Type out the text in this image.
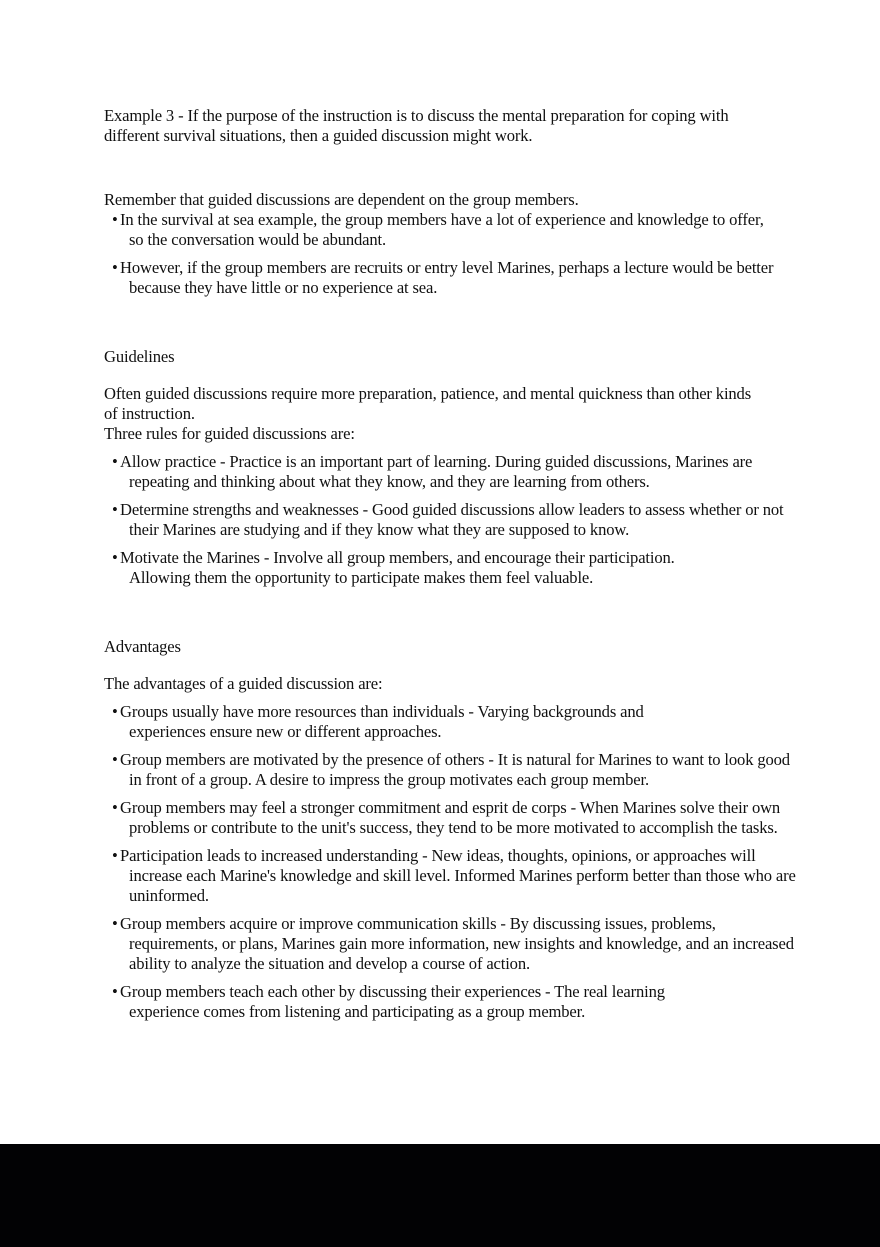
Example 3 - If the purpose of the instruction is to discuss the mental preparation for coping with different survival situations, then a guided discussion might work.

Remember that guided discussions are dependent on the group members.

• In the survival at sea example, the group members have a lot of experience and knowledge to offer, so the conversation would be abundant.
• However, if the group members are recruits or entry level Marines, perhaps a lecture would be better because they have little or no experience at sea.
Guidelines

Often guided discussions require more preparation, patience, and mental quickness than other kinds of instruction.

Three rules for guided discussions are:

• Allow practice - Practice is an important part of learning. During guided discussions, Marines are repeating and thinking about what they know, and they are learning from others.
• Determine strengths and weaknesses - Good guided discussions allow leaders to assess whether or not their Marines are studying and if they know what they are supposed to know.
• Motivate the Marines - Involve all group members, and encourage their participation. Allowing them the opportunity to participate makes them feel valuable.
Advantages

The advantages of a guided discussion are:

• Groups usually have more resources than individuals - Varying backgrounds and experiences ensure new or different approaches.
• Group members are motivated by the presence of others - It is natural for Marines to want to look good in front of a group. A desire to impress the group motivates each group member.
• Group members may feel a stronger commitment and esprit de corps - When Marines solve their own problems or contribute to the unit's success, they tend to be more motivated to accomplish the tasks.
• Participation leads to increased understanding - New ideas, thoughts, opinions, or approaches will increase each Marine's knowledge and skill level. Informed Marines perform better than those who are uninformed.
• Group members acquire or improve communication skills - By discussing issues, problems, requirements, or plans, Marines gain more information, new insights and knowledge, and an increased ability to analyze the situation and develop a course of action.
• Group members teach each other by discussing their experiences - The real learning experience comes from listening and participating as a group member.
